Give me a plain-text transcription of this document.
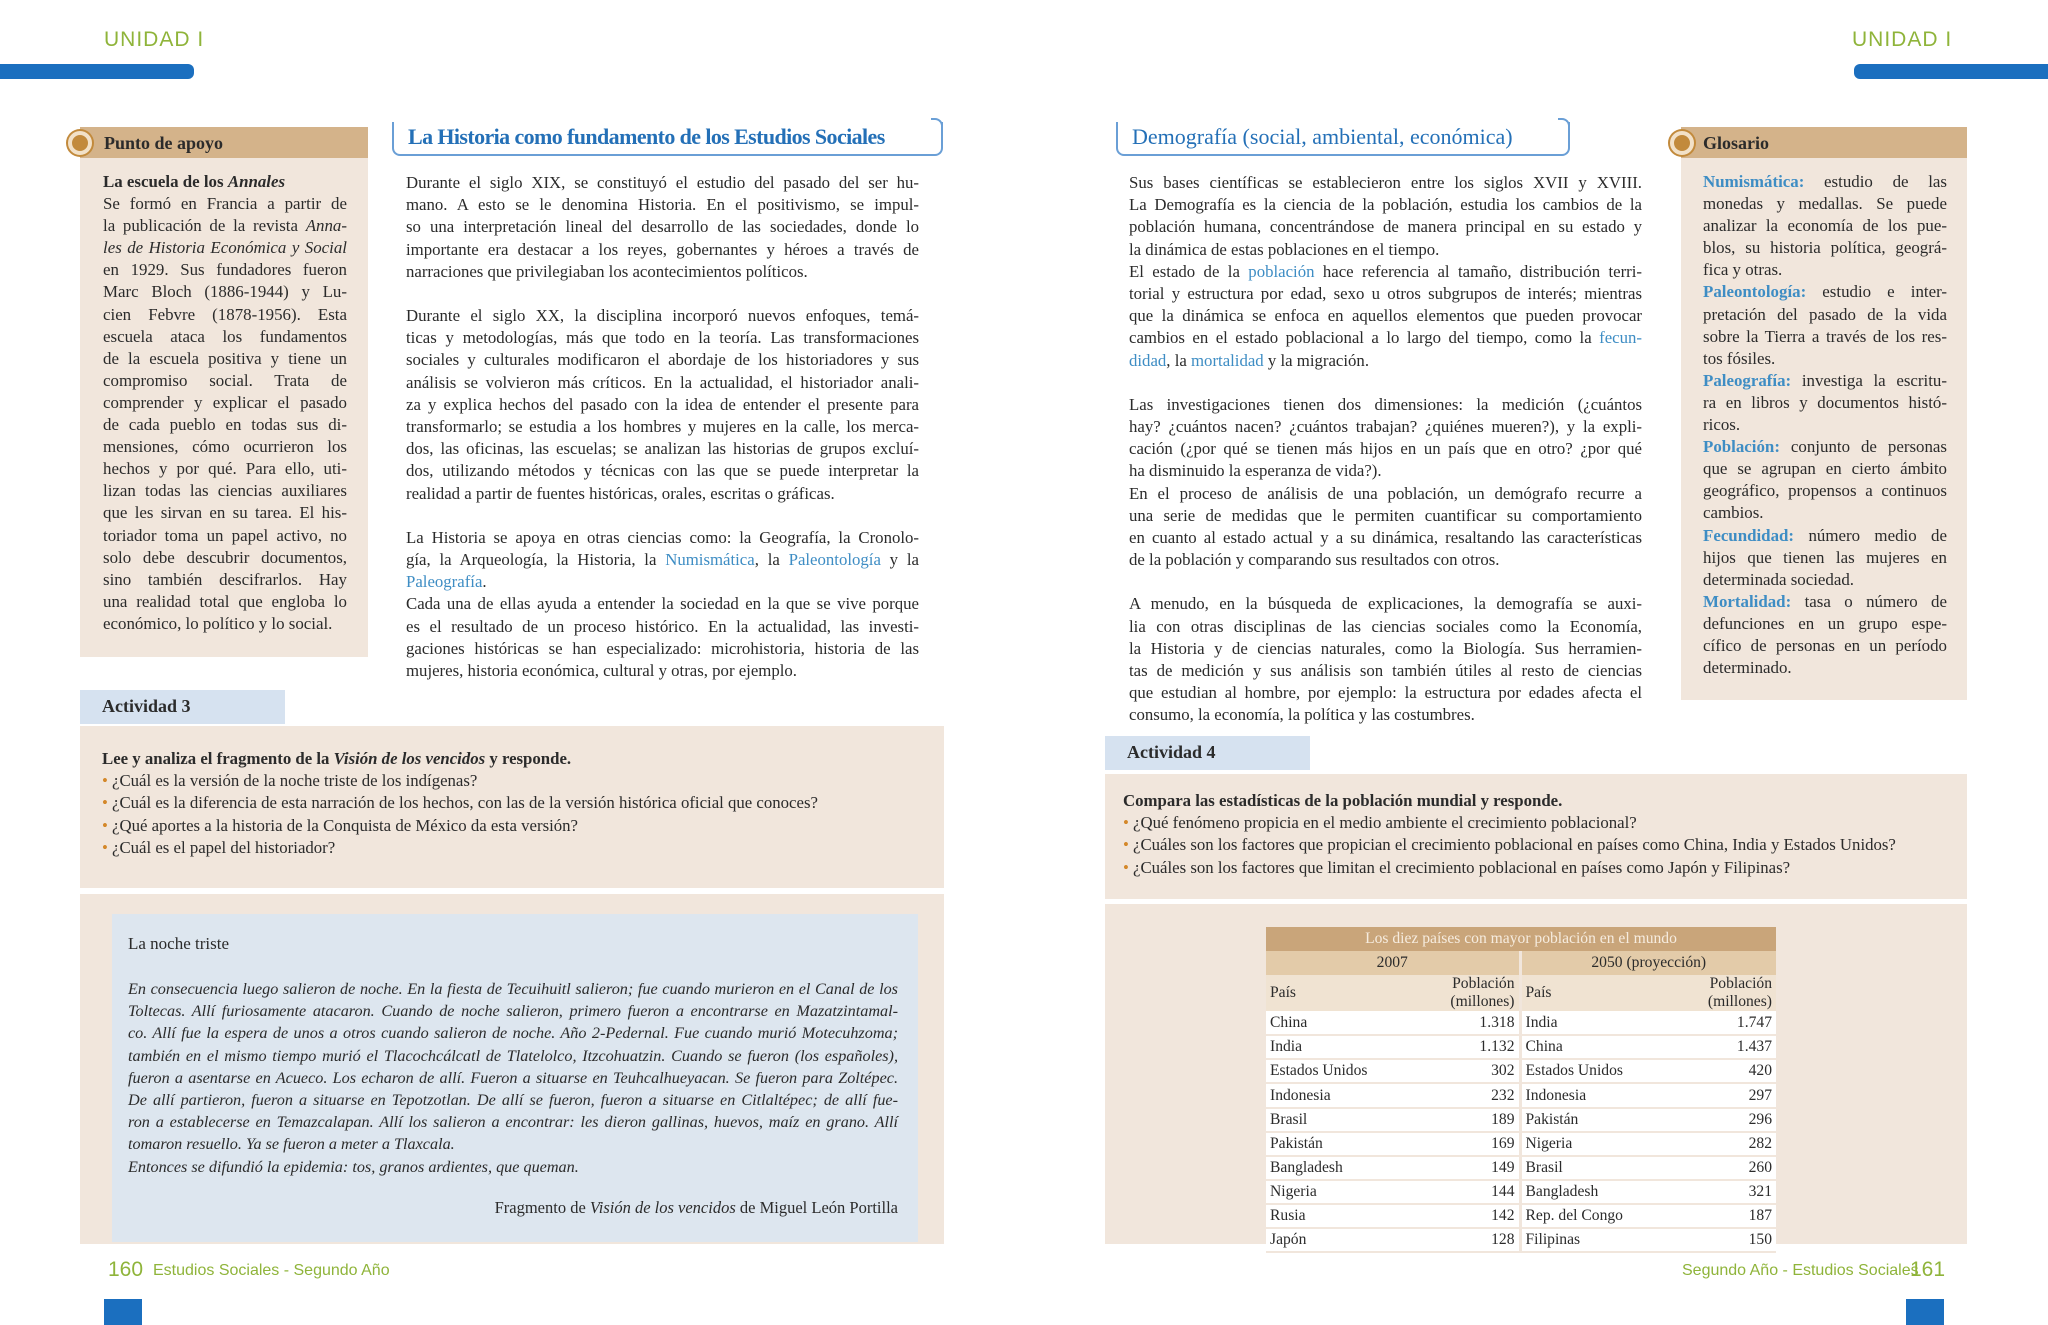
UNIDAD I	UNIDAD I
Punto de apoyo
La escuela de los Annales
Se formó en Francia a partir de
la publicación de la revista Anna-
les de Historia Económica y Social
en 1929. Sus fundadores fueron
Marc Bloch (1886-1944) y Lu-
cien Febvre (1878-1956). Esta
escuela ataca los fundamentos
de la escuela positiva y tiene un
compromiso social. Trata de
comprender y explicar el pasado
de cada pueblo en todas sus di-
mensiones, cómo ocurrieron los
hechos y por qué. Para ello, uti-
lizan todas las ciencias auxiliares
que les sirvan en su tarea. El his-
toriador toma un papel activo, no
solo debe descubrir documentos,
sino también descifrarlos. Hay
una realidad total que engloba lo
económico, lo político y lo social.
La Historia como fundamento de los Estudios Sociales
Durante el siglo XIX, se constituyó el estudio del pasado del ser hu-
mano. A esto se le denomina Historia. En el positivismo, se impul-
so una interpretación lineal del desarrollo de las sociedades, donde lo
importante era destacar a los reyes, gobernantes y héroes a través de
narraciones que privilegiaban los acontecimientos políticos.
Durante el siglo XX, la disciplina incorporó nuevos enfoques, temá-
ticas y metodologías, más que todo en la teoría. Las transformaciones
sociales y culturales modificaron el abordaje de los historiadores y sus
análisis se volvieron más críticos. En la actualidad, el historiador anali-
za y explica hechos del pasado con la idea de entender el presente para
transformarlo; se estudia a los hombres y mujeres en la calle, los merca-
dos, las oficinas, las escuelas; se analizan las historias de grupos excluí-
dos, utilizando métodos y técnicas con las que se puede interpretar la
realidad a partir de fuentes históricas, orales, escritas o gráficas.
La Historia se apoya en otras ciencias como: la Geografía, la Cronolo-
gía, la Arqueología, la Historia, la Numismática, la Paleontología y la Paleografía.
Cada una de ellas ayuda a entender la sociedad en la que se vive porque
es el resultado de un proceso histórico. En la actualidad, las investi-
gaciones históricas se han especializado: microhistoria, historia de las
mujeres, historia económica, cultural y otras, por ejemplo.
Actividad 3
Lee y analiza el fragmento de la Visión de los vencidos y responde.
• ¿Cuál es la versión de la noche triste de los indígenas?
• ¿Cuál es la diferencia de esta narración de los hechos, con las de la versión histórica oficial que conoces?
• ¿Qué aportes a la historia de la Conquista de México da esta versión?
• ¿Cuál es el papel del historiador?
La noche triste
En consecuencia luego salieron de noche. En la fiesta de Tecuihuitl salieron; fue cuando murieron en el Canal de los
Toltecas. Allí furiosamente atacaron. Cuando de noche salieron, primero fueron a encontrarse en Mazatzintamal-
co. Allí fue la espera de unos a otros cuando salieron de noche. Año 2-Pedernal. Fue cuando murió Motecuhzoma;
también en el mismo tiempo murió el Tlacochcálcatl de Tlatelolco, Itzcohuatzin. Cuando se fueron (los españoles),
fueron a asentarse en Acueco. Los echaron de allí. Fueron a situarse en Teuhcalhueyacan. Se fueron para Zoltépec.
De allí partieron, fueron a situarse en Tepotzotlan. De allí se fueron, fueron a situarse en Citlaltépec; de allí fue-
ron a establecerse en Temazcalapan. Allí los salieron a encontrar: les dieron gallinas, huevos, maíz en grano. Allí
tomaron resuello. Ya se fueron a meter a Tlaxcala.
Entonces se difundió la epidemia: tos, granos ardientes, que queman.
Fragmento de Visión de los vencidos de Miguel León Portilla
160 Estudios Sociales - Segundo Año
Demografía (social, ambiental, económica)
Sus bases científicas se establecieron entre los siglos XVII y XVIII.
La Demografía es la ciencia de la población, estudia los cambios de la
población humana, concentrándose de manera principal en su estado y
la dinámica de estas poblaciones en el tiempo.
El estado de la población hace referencia al tamaño, distribución terri-
torial y estructura por edad, sexo u otros subgrupos de interés; mientras
que la dinámica se enfoca en aquellos elementos que pueden provocar
cambios en el estado poblacional a lo largo del tiempo, como la fecun-
didad, la mortalidad y la migración.
Las investigaciones tienen dos dimensiones: la medición (¿cuántos
hay? ¿cuántos nacen? ¿cuántos trabajan? ¿quiénes mueren?), y la expli-
cación (¿por qué se tienen más hijos en un país que en otro? ¿por qué
ha disminuido la esperanza de vida?).
En el proceso de análisis de una población, un demógrafo recurre a
una serie de medidas que le permiten cuantificar su comportamiento
en cuanto al estado actual y a su dinámica, resaltando las características
de la población y comparando sus resultados con otros.
A menudo, en la búsqueda de explicaciones, la demografía se auxi-
lia con otras disciplinas de las ciencias sociales como la Economía,
la Historia y de ciencias naturales, como la Biología. Sus herramien-
tas de medición y sus análisis son también útiles al resto de ciencias
que estudian al hombre, por ejemplo: la estructura por edades afecta el
consumo, la economía, la política y las costumbres.
Glosario
Numismática: estudio de las
monedas y medallas. Se puede
analizar la economía de los pue-
blos, su historia política, geográ-
fica y otras.
Paleontología: estudio e inter-
pretación del pasado de la vida
sobre la Tierra a través de los res-
tos fósiles.
Paleografía: investiga la escritu-
ra en libros y documentos histó-
ricos.
Población: conjunto de personas
que se agrupan en cierto ámbito
geográfico, propensos a continuos
cambios.
Fecundidad: número medio de
hijos que tienen las mujeres en
determinada sociedad.
Mortalidad: tasa o número de
defunciones en un grupo espe-
cífico de personas en un período
determinado.
Actividad 4
Compara las estadísticas de la población mundial y responde.
• ¿Qué fenómeno propicia en el medio ambiente el crecimiento poblacional?
• ¿Cuáles son los factores que propician el crecimiento poblacional en países como China, India y Estados Unidos?
• ¿Cuáles son los factores que limitan el crecimiento poblacional en países como Japón y Filipinas?
Los diez países con mayor población en el mundo			
2007		2050 (proyección)	
País	Población (millones)	País	Población (millones)
China	1.318	India	1.747
India	1.132	China	1.437
Estados Unidos	302	Estados Unidos	420
Indonesia	232	Indonesia	297
Brasil	189	Pakistán	296
Pakistán	169	Nigeria	282
Bangladesh	149	Brasil	260
Nigeria	144	Bangladesh	321
Rusia	142	Rep. del Congo	187
Japón	128	Filipinas	150
Segundo Año - Estudios Sociales
161
